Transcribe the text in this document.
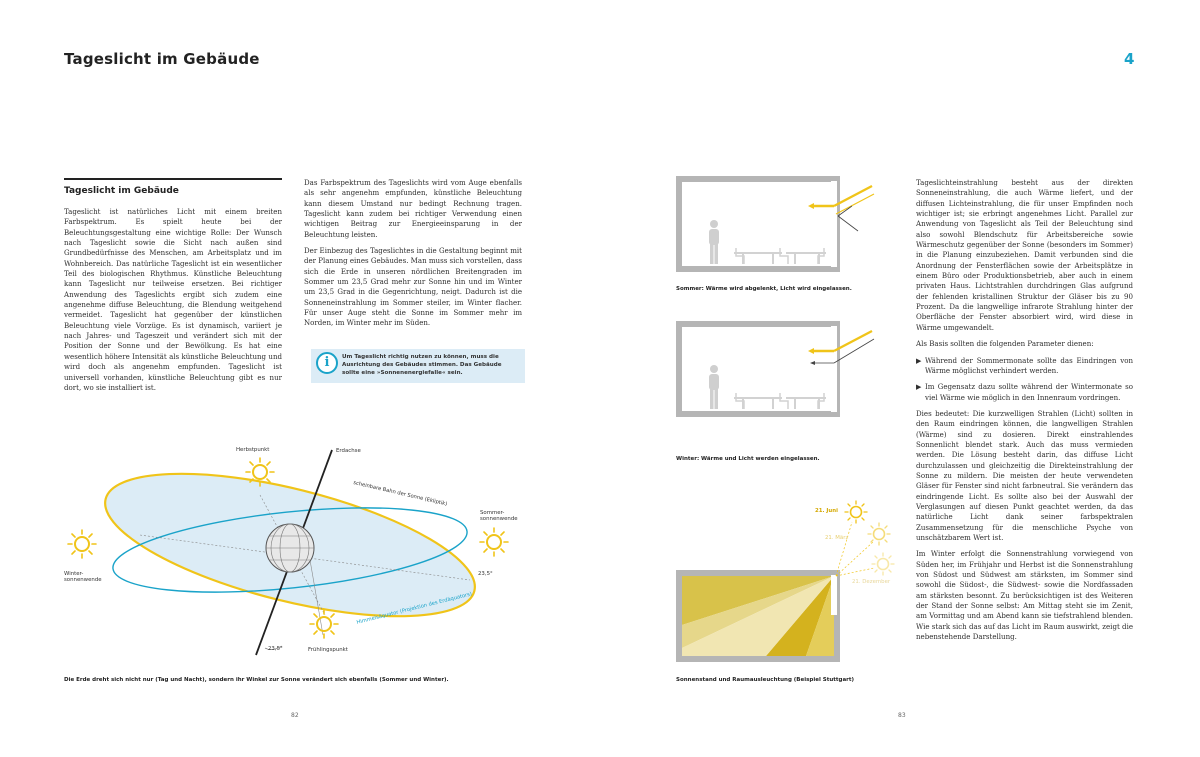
Tageslicht im Gebäude	4
Tageslicht im Gebäude

Tageslicht ist natürliches Licht mit einem breiten Farbspektrum. Es spielt heute bei der Beleuchtungsgestaltung eine wichtige Rolle: Der Wunsch nach Tageslicht sowie die Sicht nach außen sind Grundbedürfnisse des Menschen, am Arbeitsplatz und im Wohnbereich. Das natürliche Tageslicht ist ein wesentlicher Teil des biologischen Rhythmus. Künstliche Beleuchtung kann Tageslicht nur teilweise ersetzen. Bei richtiger Anwendung des Tageslichts ergibt sich zudem eine angenehme diffuse Beleuchtung, die Blendung weitgehend vermeidet. Tageslicht hat gegenüber der künstlichen Beleuchtung viele Vorzüge. Es ist dynamisch, variiert je nach Jahres- und Tageszeit und verändert sich mit der Position der Sonne und der Bewölkung. Es hat eine wesentlich höhere Intensität als künstliche Beleuchtung und wird doch als angenehm empfunden. Tageslicht ist universell vorhanden, künstliche Beleuchtung gibt es nur dort, wo sie installiert ist.

Das Farbspektrum des Tageslichts wird vom Auge ebenfalls als sehr angenehm empfunden, künstliche Beleuchtung kann diesem Umstand nur bedingt Rechnung tragen. Tageslicht kann zudem bei richtiger Verwendung einen wichtigen Beitrag zur Energieeinsparung in der Beleuchtung leisten.

Der Einbezug des Tageslichtes in die Gestaltung beginnt mit der Planung eines Gebäudes. Man muss sich vorstellen, dass sich die Erde in unseren nördlichen Breitengraden im Sommer um 23,5 Grad mehr zur Sonne hin und im Winter um 23,5 Grad in die Gegenrichtung, neigt. Dadurch ist die Sonneneinstrahlung im Sommer steiler, im Winter flacher. Für unser Auge steht die Sonne im Sommer mehr im Norden, im Winter mehr im Süden.

i	Um Tageslicht richtig nutzen zu können, muss die Ausrichtung des Gebäudes stimmen. Das Gebäude sollte eine »Sonnenenergiefalle« sein.
Erdachse
Herbstpunkt
scheinbare Bahn der Sonne (Ekliptik)
Sommer-
sonnenwende
Winter-
sonnenwende
Himmelsäquator (Projektion des Erdäquators)
Frühlingspunkt
23,5°
23,5°
Die Erde dreht sich nicht nur (Tag und Nacht), sondern ihr Winkel zur Sonne verändert sich ebenfalls (Sommer und Winter).
82	83
Sommer: Wärme wird abgelenkt, Licht wird eingelassen.
Winter: Wärme und Licht werden eingelassen.
21. Juni
21. März
21. Dezember
Sonnenstand und Raumausleuchtung (Beispiel Stuttgart)

Tageslichteinstrahlung besteht aus der direkten Sonneneinstrahlung, die auch Wärme liefert, und der diffusen Lichteinstrahlung, die für unser Empfinden noch wichtiger ist; sie erbringt angenehmes Licht. Parallel zur Anwendung von Tageslicht als Teil der Beleuchtung sind also sowohl Blendschutz für Arbeitsbereiche sowie Wärmeschutz gegenüber der Sonne (besonders im Sommer) in die Planung einzubeziehen. Damit verbunden sind die Anordnung der Fensterflächen sowie der Arbeitsplätze in einem Büro oder Produktionsbetrieb, aber auch in einem privaten Haus. Lichtstrahlen durchdringen Glas aufgrund der fehlenden kristallinen Struktur der Gläser bis zu 90 Prozent. Da die langwellige infrarote Strahlung hinter der Oberfläche der Fenster absorbiert wird, wird diese in Wärme umgewandelt.

Als Basis sollten die folgenden Parameter dienen:

▶ Während der Sommermonate sollte das Eindringen von Wärme möglichst verhindert werden.
▶ Im Gegensatz dazu sollte während der Wintermonate so viel Wärme wie möglich in den Innenraum vordringen.

Dies bedeutet: Die kurzwelligen Strahlen (Licht) sollten in den Raum eindringen können, die langwelligen Strahlen (Wärme) sind zu dosieren. Direkt einstrahlendes Sonnenlicht blendet stark. Auch das muss vermieden werden. Die Lösung besteht darin, das diffuse Licht durchzulassen und gleichzeitig die Direkteinstrahlung der Sonne zu mildern. Die meisten der heute verwendeten Gläser für Fenster sind nicht farbneutral. Sie verändern das eindringende Licht. Es sollte also bei der Auswahl der Verglasungen auf diesen Punkt geachtet werden, da das natürliche Licht dank seiner farbspektralen Zusammensetzung für die menschliche Psyche von unschätzbarem Wert ist.

Im Winter erfolgt die Sonnenstrahlung vorwiegend von Süden her, im Frühjahr und Herbst ist die Sonnenstrahlung von Südost und Südwest am stärksten, im Sommer sind sowohl die Südost-, die Südwest- sowie die Nordfassaden am stärksten besonnt. Zu berücksichtigen ist des Weiteren der Stand der Sonne selbst: Am Mittag steht sie im Zenit, am Vormittag und am Abend kann sie tiefstrahlend blenden. Wie stark sich das auf das Licht im Raum auswirkt, zeigt die nebenstehende Darstellung.
